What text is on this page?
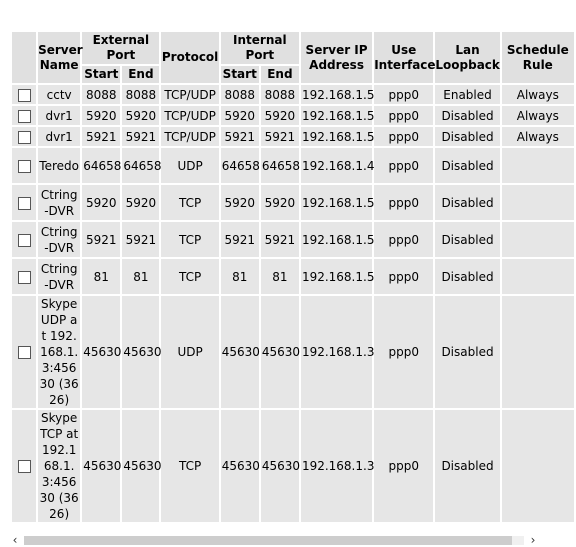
	Server Name	External Port		Protocol	Internal Port		Server IP Address	Use Interface	Lan Loopback	Schedule Rule
		Start	End		Start	End				
	cctv	8088	8088	TCP/UDP	8088	8088	192.168.1.5	ppp0	Enabled	Always
	dvr1	5920	5920	TCP/UDP	5920	5920	192.168.1.5	ppp0	Disabled	Always
	dvr1	5921	5921	TCP/UDP	5921	5921	192.168.1.5	ppp0	Disabled	Always
	Teredo	64658	64658	UDP	64658	64658	192.168.1.4	ppp0	Disabled	
	Ctring-DVR	5920	5920	TCP	5920	5920	192.168.1.5	ppp0	Disabled	
	Ctring-DVR	5921	5921	TCP	5921	5921	192.168.1.5	ppp0	Disabled	
	Ctring-DVR	81	81	TCP	81	81	192.168.1.5	ppp0	Disabled	
	Skype UDP at 192.168.1.3:45630 (3626)	45630	45630	UDP	45630	45630	192.168.1.3	ppp0	Disabled	
	Skype TCP at 192.168.1.3:45630 (3626)	45630	45630	TCP	45630	45630	192.168.1.3	ppp0	Disabled	
‹	›
